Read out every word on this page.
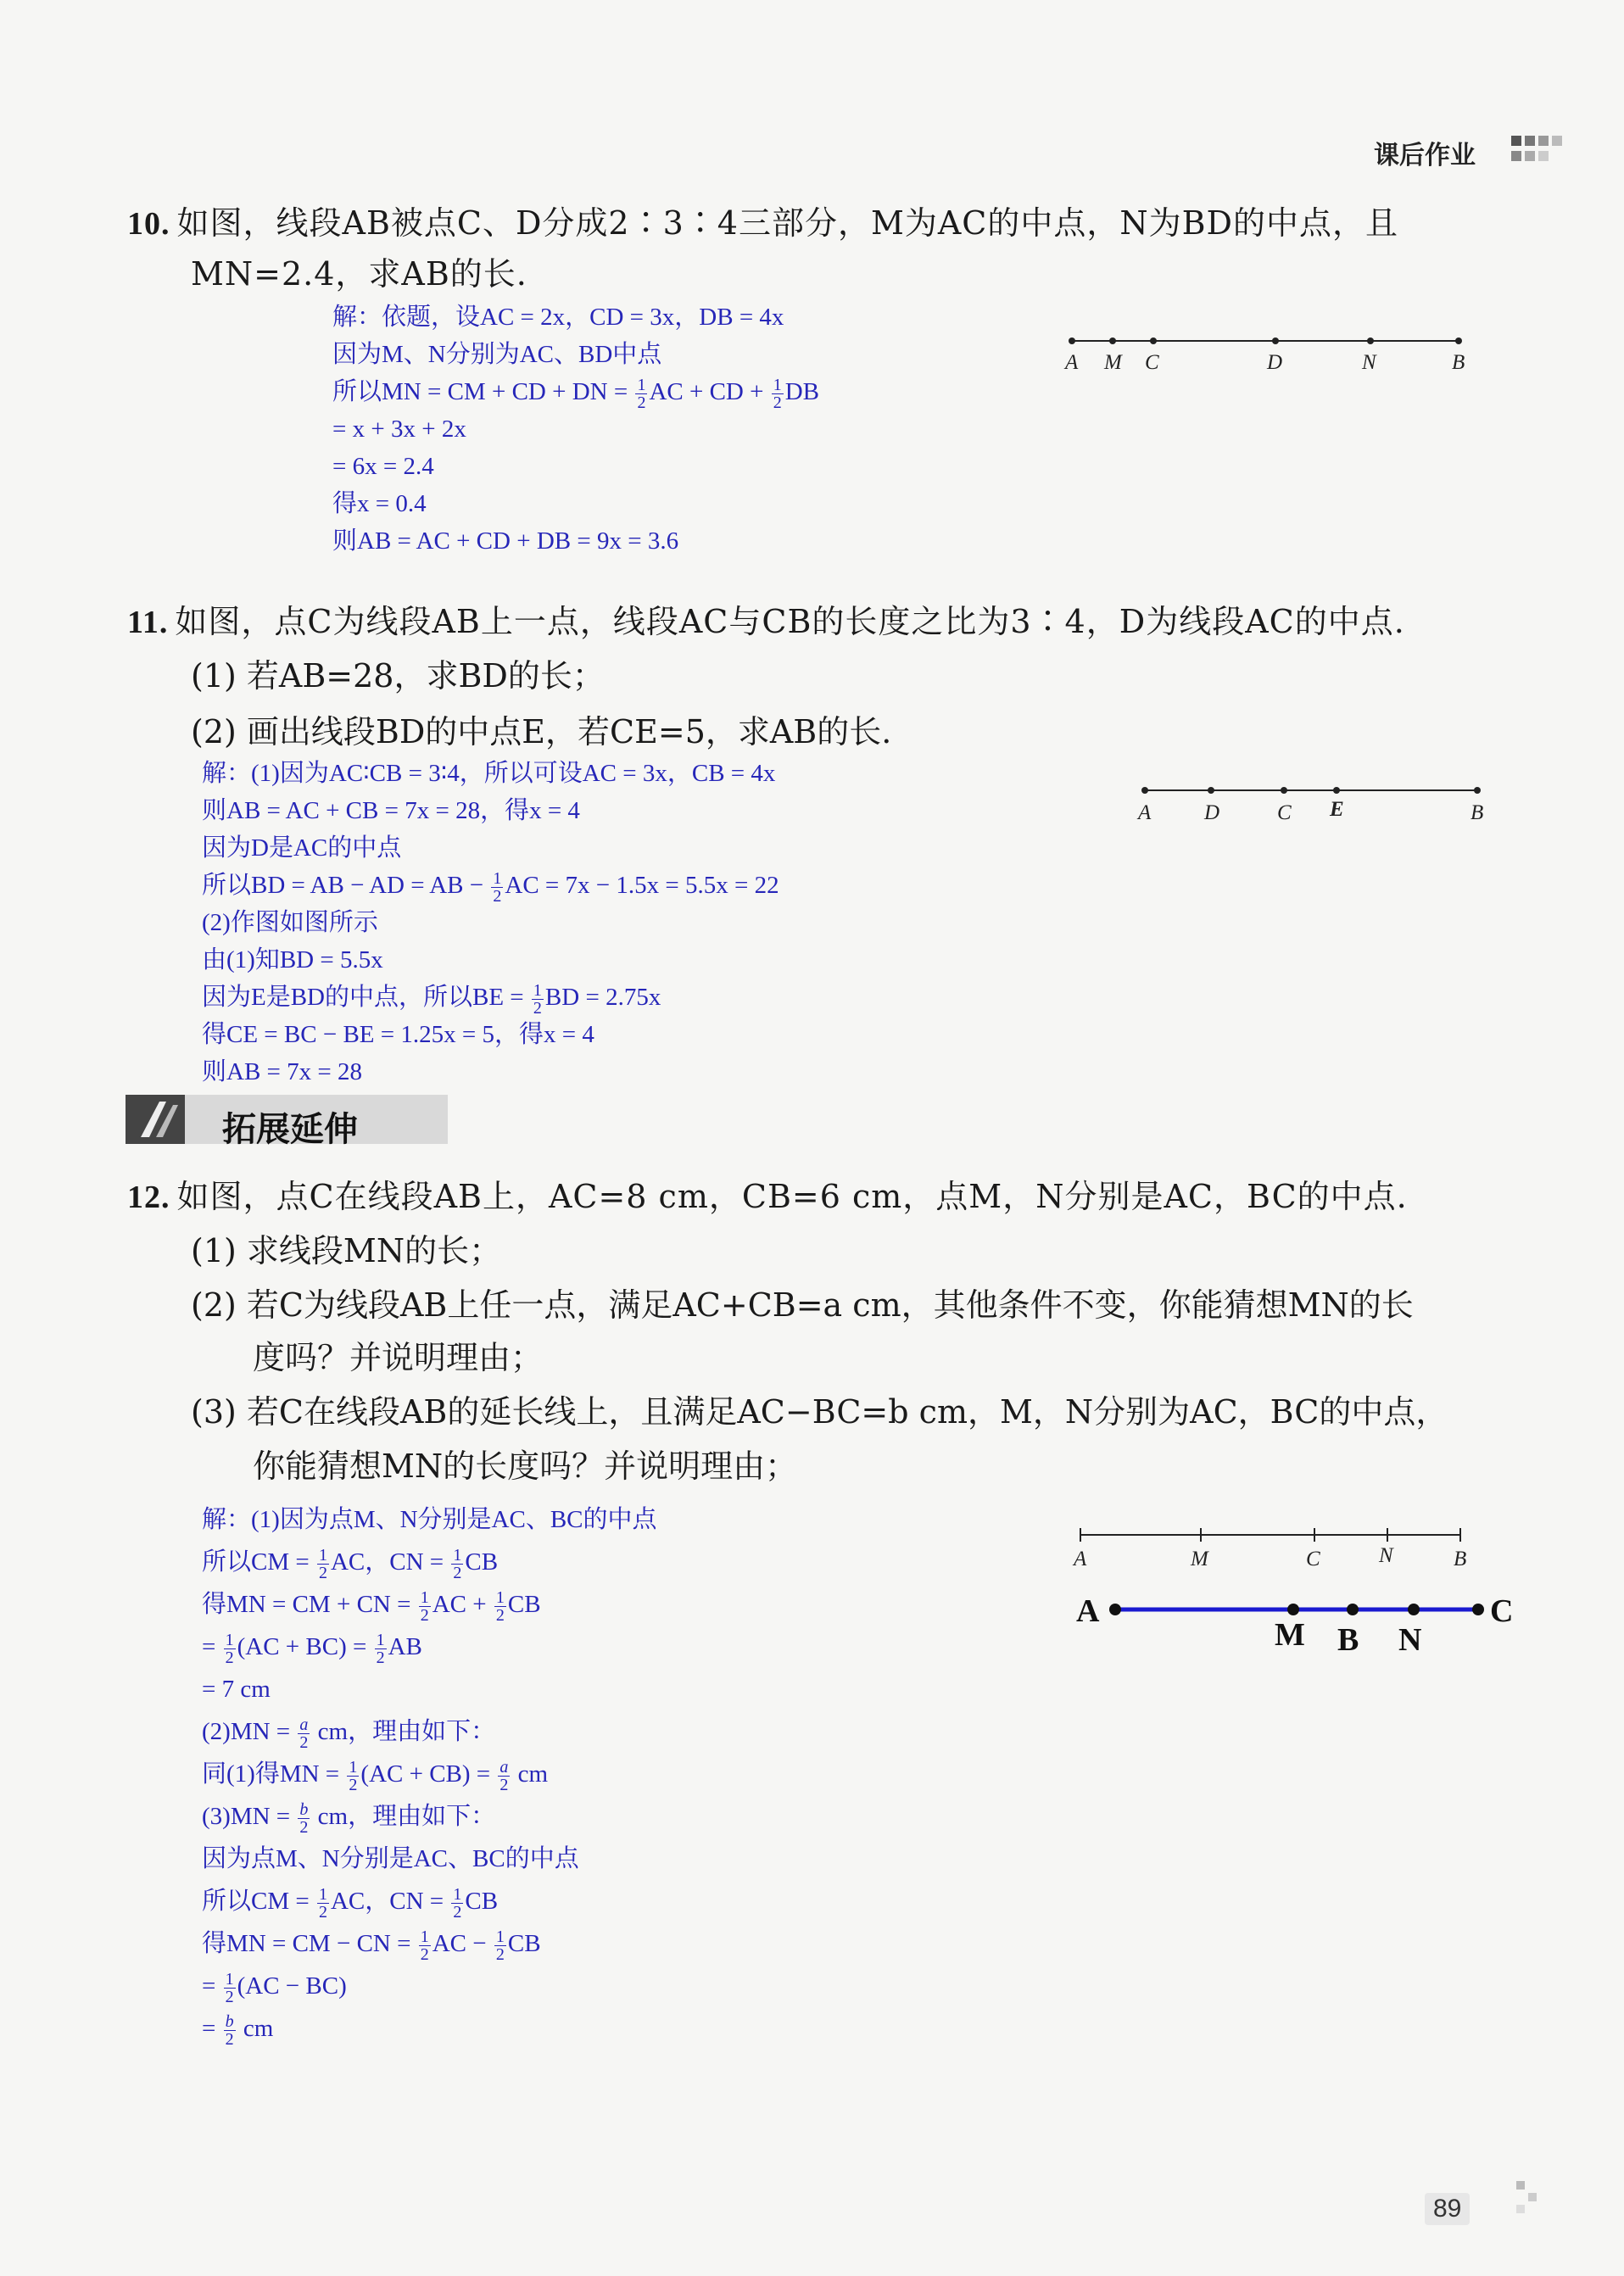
课后作业
10. 如图，线段AB被点C、D分成2∶3∶4三部分，M为AC的中点，N为BD的中点，且
MN=2.4，求AB的长.
解：依题，设AC = 2x，CD = 3x，DB = 4x
因为M、N分别为AC、BD中点
所以MN = CM + CD + DN = $\frac{1}{2}$ AC + CD + $\frac{1}{2}$ DB
= x + 3x + 2x
= 6x = 2.4
得x = 0.4
则AB = AC + CD + DB = 9x = 3.6
A M C	D	N	B
11. 如图，点C为线段AB上一点，线段AC与CB的长度之比为3∶4，D为线段AC的中点.
(1) 若AB=28，求BD的长；
(2) 画出线段BD的中点E，若CE=5，求AB的长.
解：(1)因为AC∶CB = 3∶4，所以可设AC = 3x，CB = 4x
则AB = AC + CB = 7x = 28，得x = 4
因为D是AC的中点
所以BD = AB − AD = AB − $\frac{1}{2}$ AC = 7x − 1.5x = 5.5x = 22
(2)作图如图所示
由(1)知BD = 5.5x
因为E是BD的中点，所以BE = $\frac{1}{2}$ BD = 2.75x
得CE = BC − BE = 1.25x = 5，得x = 4
则AB = 7x = 28
A	D	C E	B
拓展延伸
12. 如图，点C在线段AB上，AC=8 cm，CB=6 cm，点M，N分别是AC，BC的中点.
(1) 求线段MN的长；
(2) 若C为线段AB上任一点，满足AC+CB=a cm，其他条件不变，你能猜想MN的长
度吗？并说明理由；
(3) 若C在线段AB的延长线上，且满足AC−BC=b cm，M，N分别为AC，BC的中点，
你能猜想MN的长度吗？并说明理由；
解：(1)因为点M、N分别是AC、BC的中点
所以CM = $\frac{1}{2}$ AC，CN = $\frac{1}{2}$ CB
得MN = CM + CN = $\frac{1}{2}$ AC + $\frac{1}{2}$ CB
= $\frac{1}{2} (AC + BC) = \frac{1}{2}$ AB
= 7 cm
$(2)MN = \frac{a}{2}$ cm，理由如下：
同(1)得MN = $\frac{1}{2} (AC + CB) = \frac{a}{2}$ cm
$(3)MN = \frac{b}{2}$ cm，理由如下：
因为点M、N分别是AC、BC的中点
所以CM = $\frac{1}{2}$ AC，CN = $\frac{1}{2}$ CB
得MN = CM − CN = $\frac{1}{2}$ AC − $\frac{1}{2}$ CB
= $\frac{1}{2} (AC - BC)$
= $\frac{b}{2}$ cm
A	M	C	N	B
A
M B N
C
89
